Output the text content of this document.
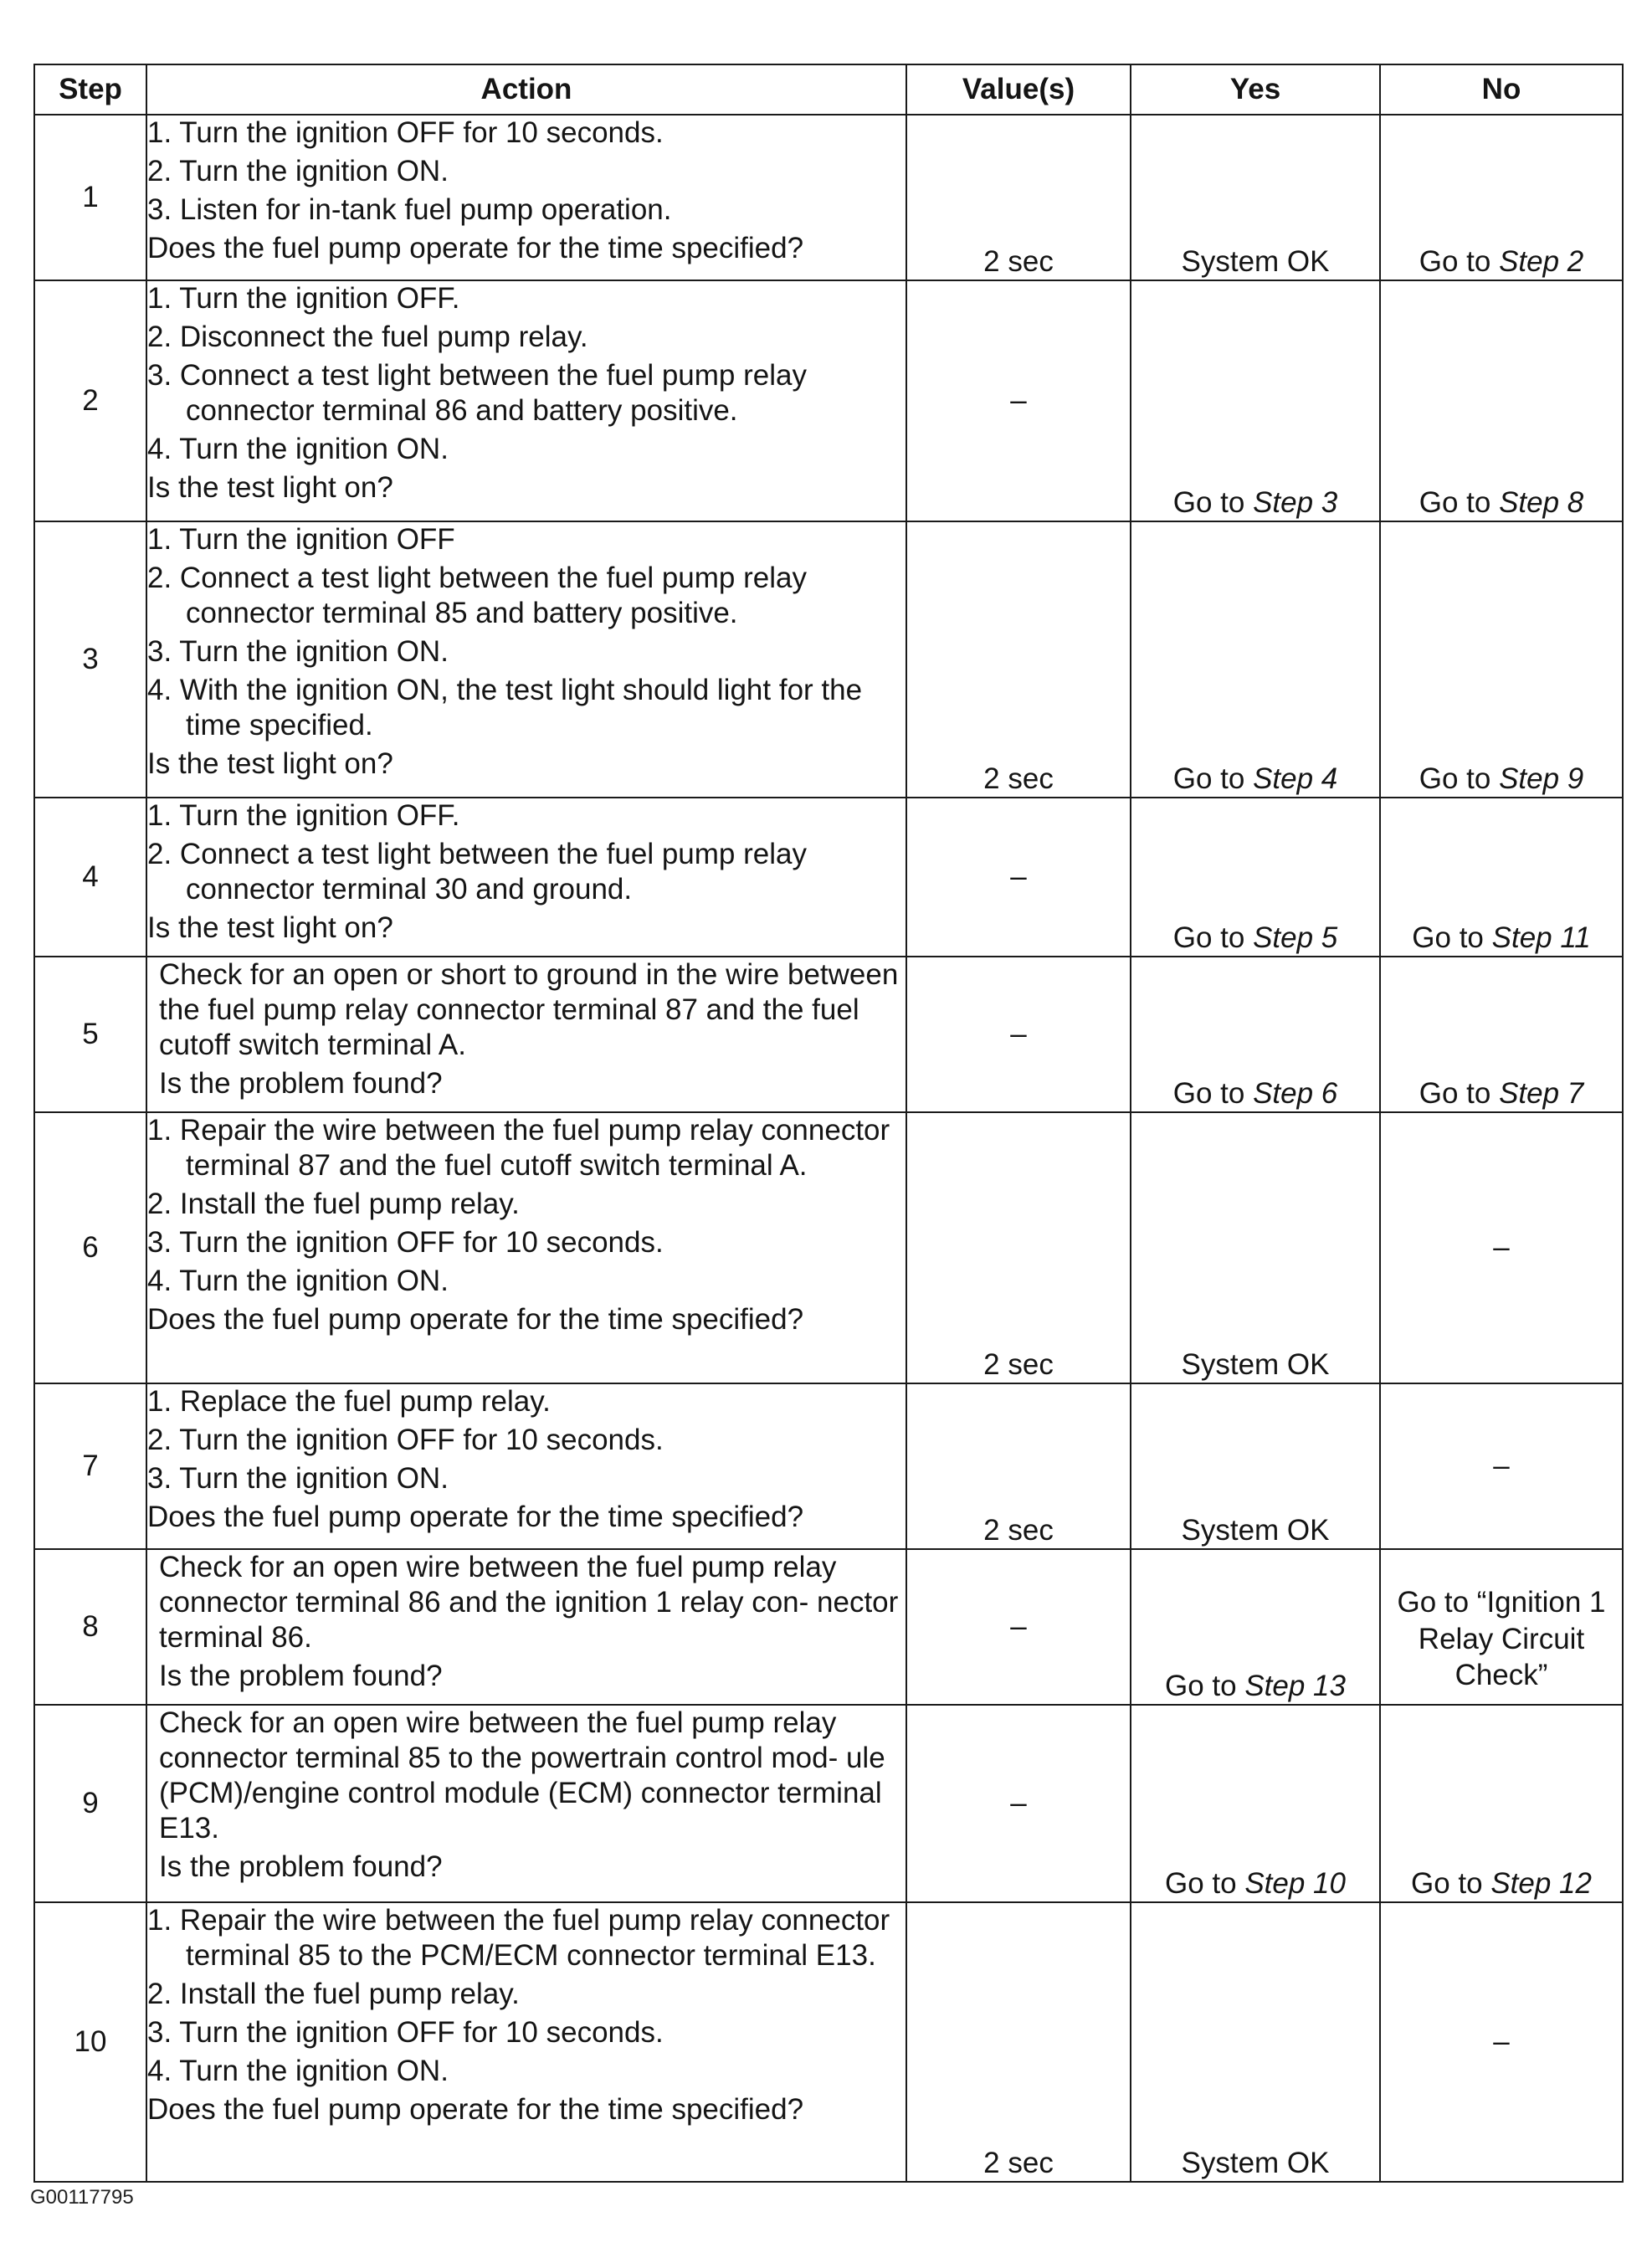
Step	Action	Value(s)	Yes	No
1	1. Turn the ignition OFF for 10 seconds.
2. Turn the ignition ON.
3. Listen for in-tank fuel pump operation.
Does the fuel pump operate for the time specified?	2 sec	System OK	Go to Step 2
2	1. Turn the ignition OFF.
2. Disconnect the fuel pump relay.
3. Connect a test light between the fuel pump relay connector terminal 86 and battery positive.
4. Turn the ignition ON.
Is the test light on?	–	Go to Step 3	Go to Step 8
3	1. Turn the ignition OFF
2. Connect a test light between the fuel pump relay connector terminal 85 and battery positive.
3. Turn the ignition ON.
4. With the ignition ON, the test light should light for the time specified.
Is the test light on?	2 sec	Go to Step 4	Go to Step 9
4	1. Turn the ignition OFF.
2. Connect a test light between the fuel pump relay connector terminal 30 and ground.
Is the test light on?	–	Go to Step 5	Go to Step 11
5	Check for an open or short to ground in the wire between the fuel pump relay connector terminal 87 and the fuel cutoff switch terminal A.
Is the problem found?	–	Go to Step 6	Go to Step 7
6	1. Repair the wire between the fuel pump relay connector terminal 87 and the fuel cutoff switch terminal A.
2. Install the fuel pump relay.
3. Turn the ignition OFF for 10 seconds.
4. Turn the ignition ON.
Does the fuel pump operate for the time specified?	2 sec	System OK	–
7	1. Replace the fuel pump relay.
2. Turn the ignition OFF for 10 seconds.
3. Turn the ignition ON.
Does the fuel pump operate for the time specified?	2 sec	System OK	–
8	Check for an open wire between the fuel pump relay connector terminal 86 and the ignition 1 relay con- nector terminal 86.
Is the problem found?	–	Go to Step 13	Go to “Ignition 1 Relay Circuit Check”

9	Check for an open wire between the fuel pump relay connector terminal 85 to the powertrain control mod- ule (PCM)/engine control module (ECM) connector terminal E13.
Is the problem found?	–	Go to Step 10	Go to Step 12
10	1. Repair the wire between the fuel pump relay connector terminal 85 to the PCM/ECM connector terminal E13.
2. Install the fuel pump relay.
3. Turn the ignition OFF for 10 seconds.
4. Turn the ignition ON.
Does the fuel pump operate for the time specified?	2 sec	System OK	–
G00117795
